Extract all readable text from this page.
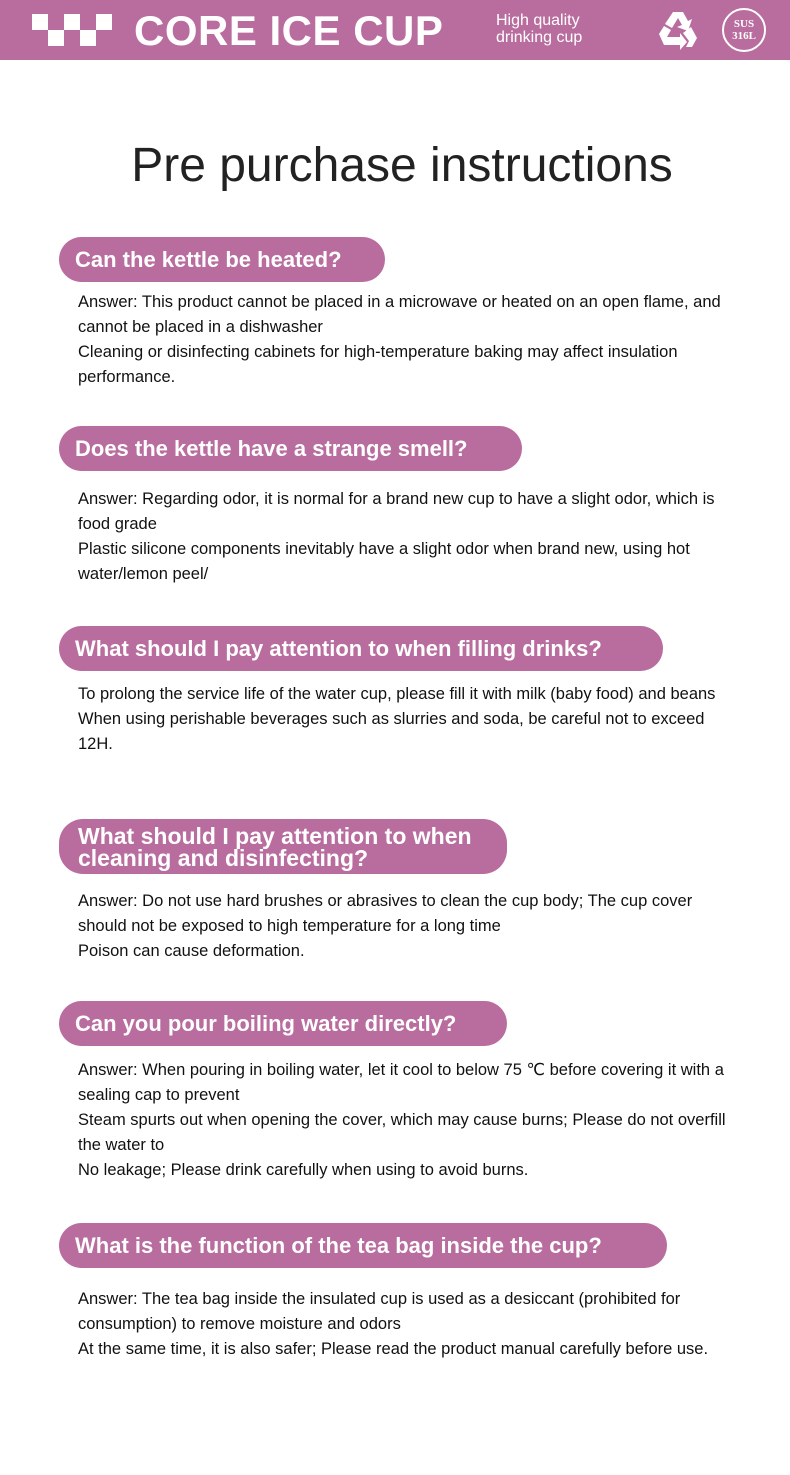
CORE ICE CUP	High quality
drinking cup
SUS
316L
Pre purchase instructions
Can the kettle be heated?

Answer: This product cannot be placed in a microwave or heated on an open flame, and cannot be placed in a dishwasher

Cleaning or disinfecting cabinets for high-temperature baking may affect insulation performance.

Does the kettle have a strange smell?

Answer: Regarding odor, it is normal for a brand new cup to have a slight odor, which is food grade

Plastic silicone components inevitably have a slight odor when brand new, using hot water/lemon peel/

What should I pay attention to when filling drinks?

To prolong the service life of the water cup, please fill it with milk (baby food) and beans

When using perishable beverages such as slurries and soda, be careful not to exceed 12H.

What should I pay attention to when cleaning and disinfecting?

Answer: Do not use hard brushes or abrasives to clean the cup body; The cup cover should not be exposed to high temperature for a long time

Poison can cause deformation.

Can you pour boiling water directly?

Answer: When pouring in boiling water, let it cool to below 75 ℃ before covering it with a sealing cap to prevent

Steam spurts out when opening the cover, which may cause burns; Please do not overfill the water to

No leakage; Please drink carefully when using to avoid burns.

What is the function of the tea bag inside the cup?

Answer: The tea bag inside the insulated cup is used as a desiccant (prohibited for consumption) to remove moisture and odors

At the same time, it is also safer; Please read the product manual carefully before use.
